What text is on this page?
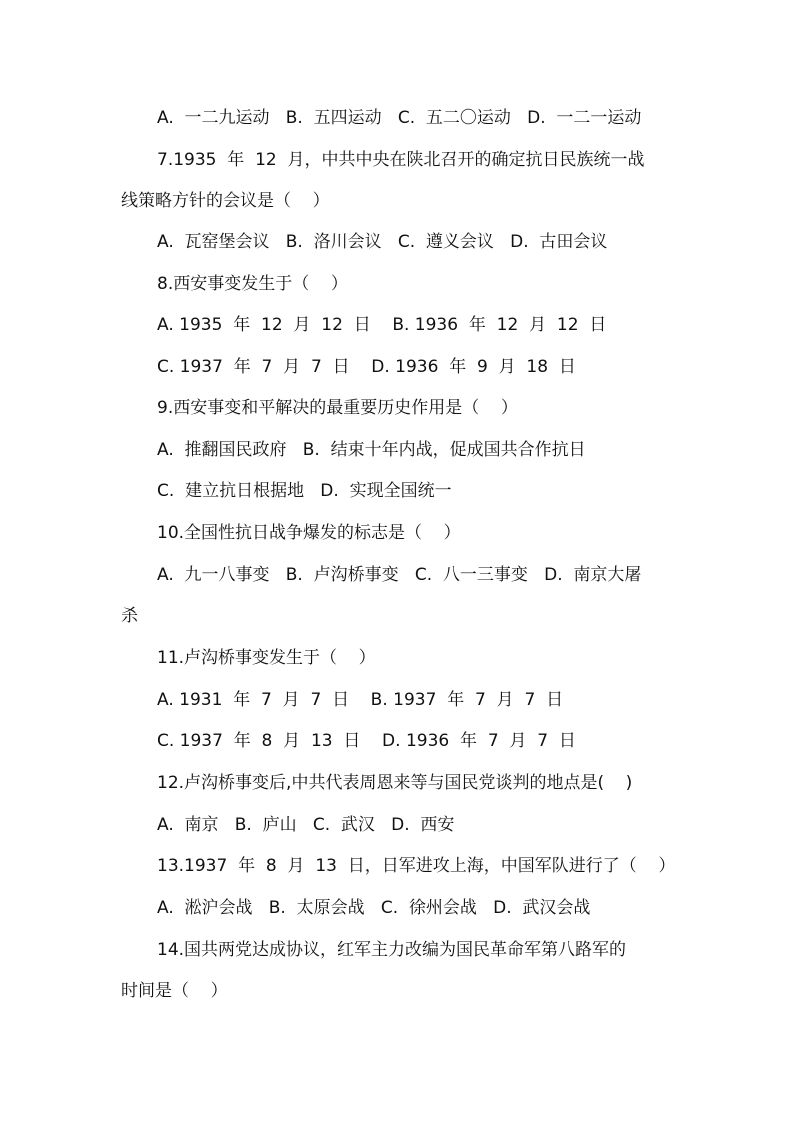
A.  一二九运动   B.  五四运动   C.  五二〇运动   D.  一二一运动
7.1935  年  12  月，中共中央在陕北召开的确定抗日民族统一战
线策略方针的会议是（    ）
A.  瓦窑堡会议   B.  洛川会议   C.  遵义会议   D.  古田会议
8.西安事变发生于（    ）
A. 1935  年  12  月  12  日    B. 1936  年  12  月  12  日
C. 1937  年  7  月  7  日    D. 1936  年  9  月  18  日
9.西安事变和平解决的最重要历史作用是（    ）
A.  推翻国民政府   B.  结束十年内战，促成国共合作抗日
C.  建立抗日根据地   D.  实现全国统一
10.全国性抗日战争爆发的标志是（    ）
A.  九一八事变   B.  卢沟桥事变   C.  八一三事变   D.  南京大屠
杀
11.卢沟桥事变发生于（    ）
A. 1931  年  7  月  7  日    B. 1937  年  7  月  7  日
C. 1937  年  8  月  13  日    D. 1936  年  7  月  7  日
12.卢沟桥事变后,中共代表周恩来等与国民党谈判的地点是(    )
A.  南京   B.  庐山   C.  武汉   D.  西安
13.1937  年  8  月  13  日，日军进攻上海，中国军队进行了（    ）
A.  淞沪会战   B.  太原会战   C.  徐州会战   D.  武汉会战
14.国共两党达成协议，红军主力改编为国民革命军第八路军的
时间是（    ）
